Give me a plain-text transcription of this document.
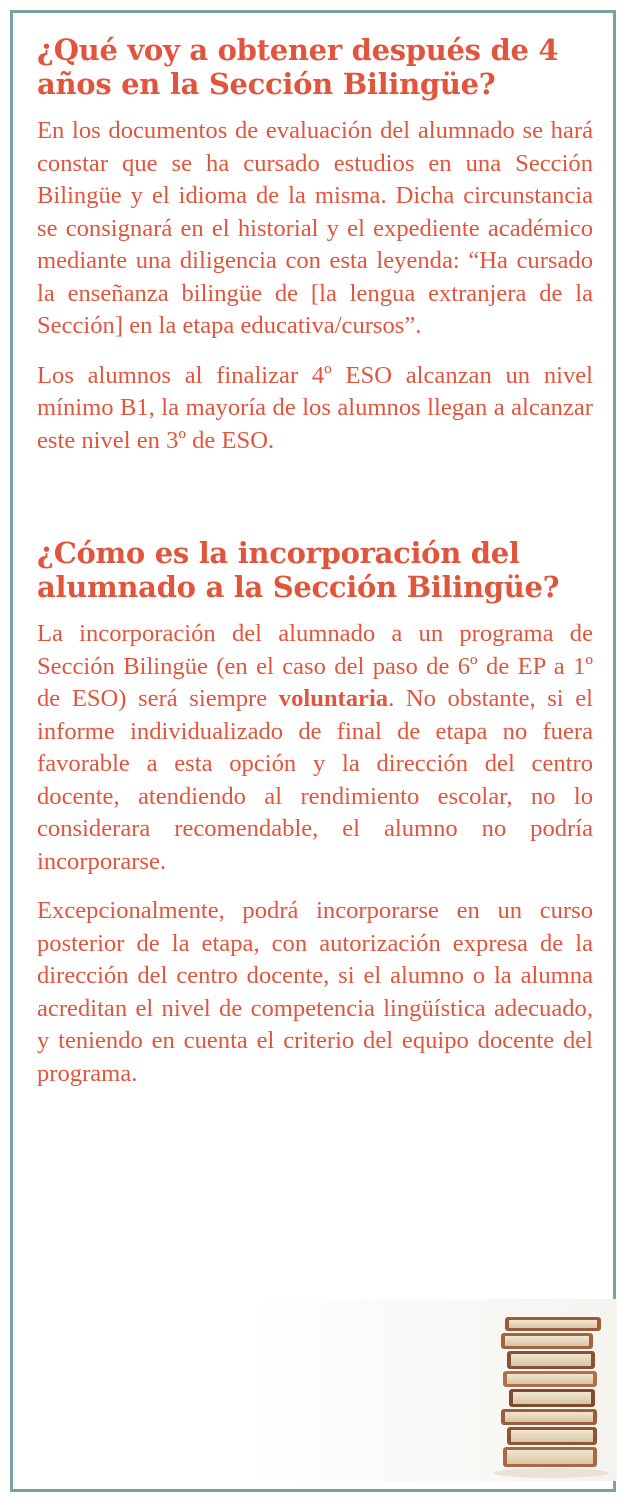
¿Qué voy a obtener después de 4 años en la Sección Bilingüe?

En los documentos de evaluación del alumnado se hará constar que se ha cursado estudios en una Sección Bilingüe y el idioma de la misma. Dicha circunstancia se consignará en el historial y el expediente académico mediante una diligencia con esta leyenda: “Ha cursado la enseñanza bilingüe de [la lengua extranjera de la Sección] en la etapa educativa/cursos”.

Los alumnos al finalizar 4º ESO alcanzan un nivel mínimo B1, la mayoría de los alumnos llegan a alcanzar este nivel en 3º de ESO.

¿Cómo es la incorporación del alumnado a la Sección Bilingüe?

La incorporación del alumnado a un programa de Sección Bilingüe (en el caso del paso de 6º de EP a 1º de ESO) será siempre voluntaria. No obstante, si el informe individualizado de final de etapa no fuera favorable a esta opción y la dirección del centro docente, atendiendo al rendimiento escolar, no lo considerara recomendable, el alumno no podría incorporarse.

Excepcionalmente, podrá incorporarse en un curso posterior de la etapa, con autorización expresa de la dirección del centro docente, si el alumno o la alumna acreditan el nivel de competencia lingüística adecuado, y teniendo en cuenta el criterio del equipo docente del programa.
